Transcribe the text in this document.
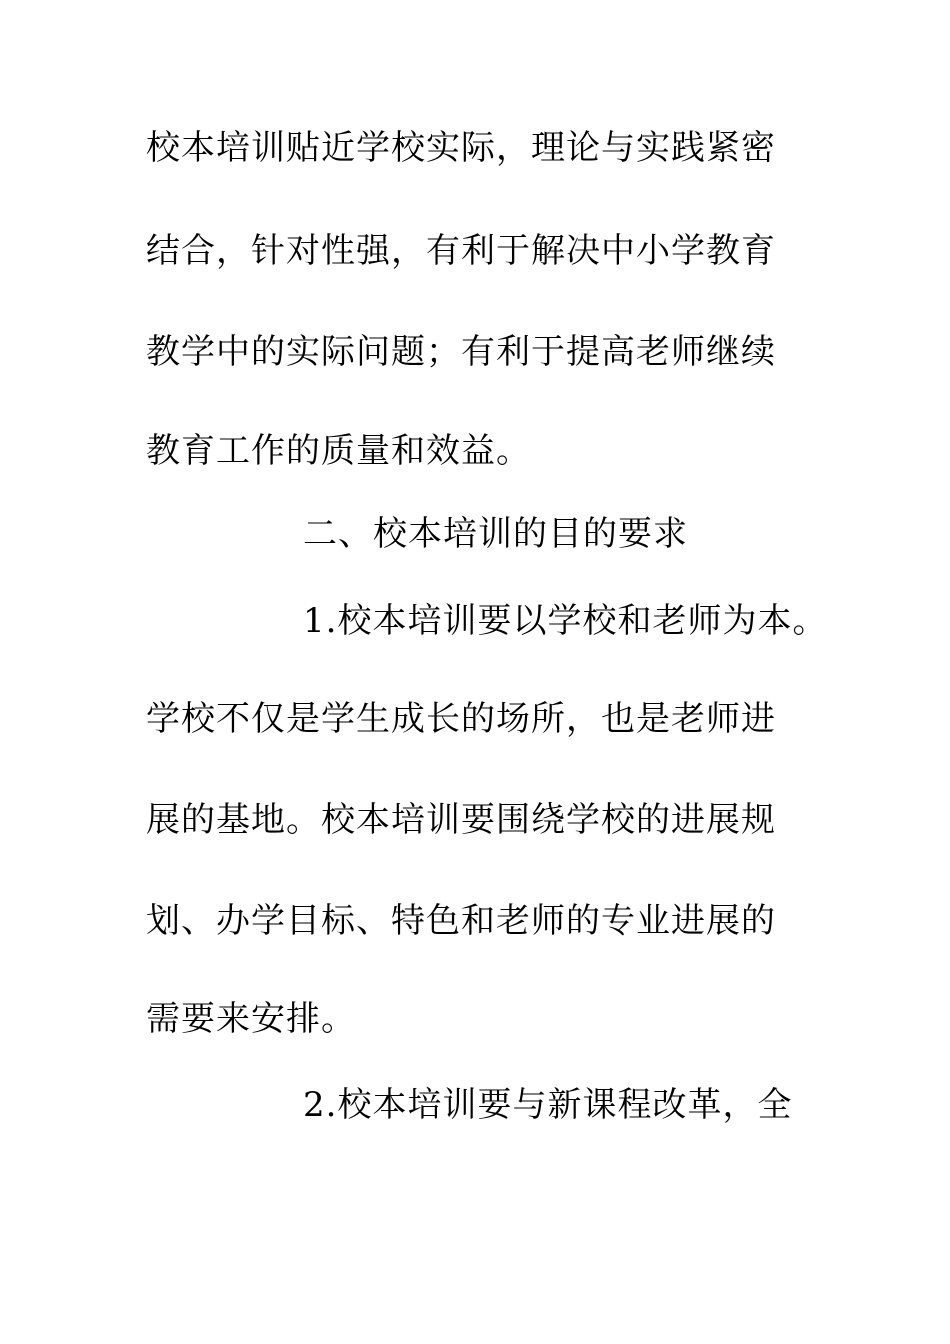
校本培训贴近学校实际，理论与实践紧密
结合，针对性强，有利于解决中小学教育
教学中的实际问题；有利于提高老师继续
教育工作的质量和效益。
二、校本培训的目的要求
1.校本培训要以学校和老师为本。
学校不仅是学生成长的场所，也是老师进
展的基地。校本培训要围绕学校的进展规
划、办学目标、特色和老师的专业进展的
需要来安排。
2.校本培训要与新课程改革，全
